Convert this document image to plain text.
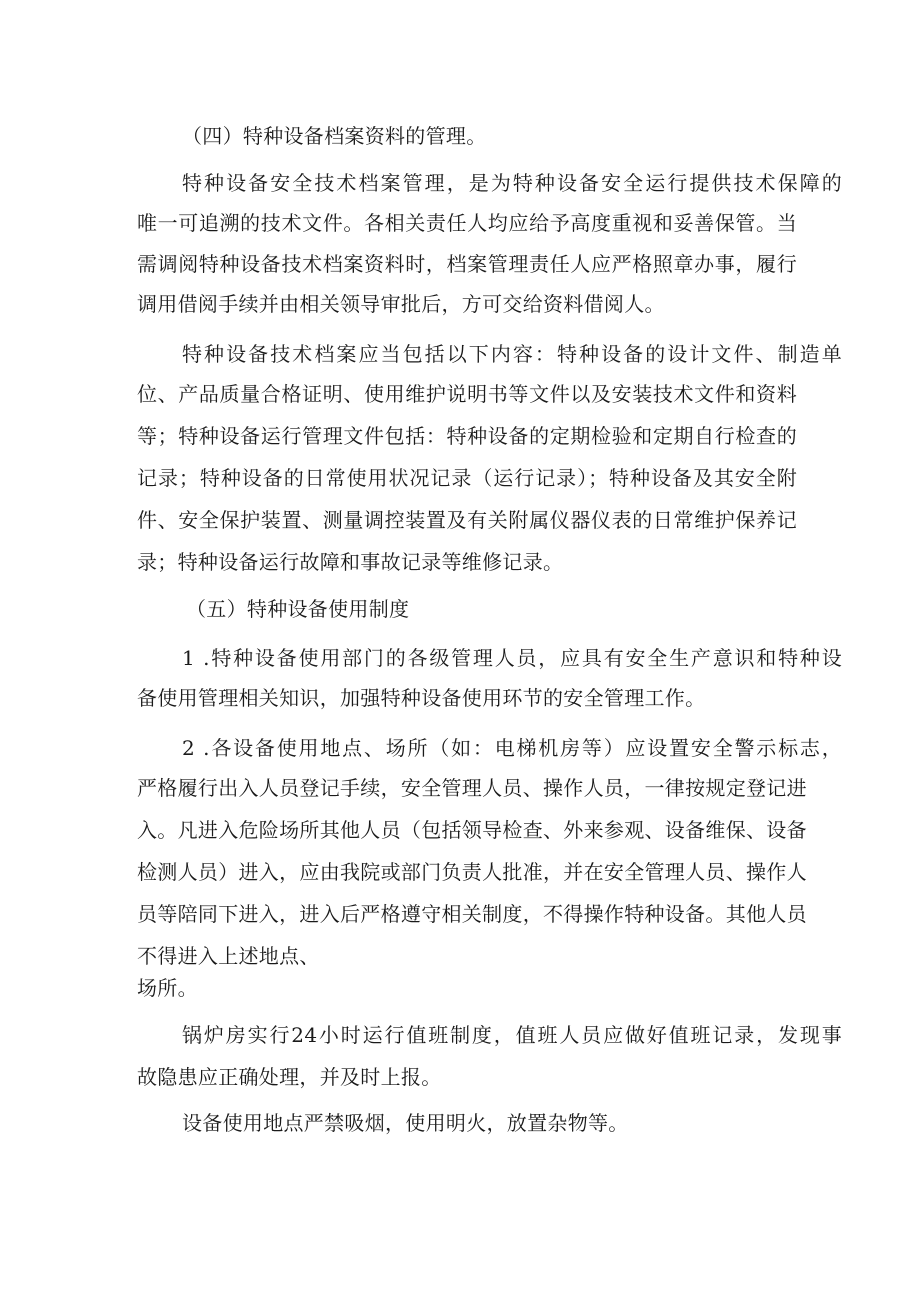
（四）特种设备档案资料的管理。
特种设备安全技术档案管理，是为特种设备安全运行提供技术保障的
唯一可追溯的技术文件。各相关责任人均应给予高度重视和妥善保管。当
需调阅特种设备技术档案资料时，档案管理责任人应严格照章办事，履行
调用借阅手续并由相关领导审批后，方可交给资料借阅人。
特种设备技术档案应当包括以下内容：特种设备的设计文件、制造单
位、产品质量合格证明、使用维护说明书等文件以及安装技术文件和资料
等；特种设备运行管理文件包括：特种设备的定期检验和定期自行检查的
记录；特种设备的日常使用状况记录（运行记录）；特种设备及其安全附
件、安全保护装置、测量调控装置及有关附属仪器仪表的日常维护保养记
录；特种设备运行故障和事故记录等维修记录。
（五）特种设备使用制度
1 .特种设备使用部门的各级管理人员，应具有安全生产意识和特种设
备使用管理相关知识，加强特种设备使用环节的安全管理工作。
2 .各设备使用地点、场所（如：电梯机房等）应设置安全警示标志，
严格履行出入人员登记手续，安全管理人员、操作人员，一律按规定登记进
入。凡进入危险场所其他人员（包括领导检查、外来参观、设备维保、设备
检测人员）进入，应由我院或部门负责人批准，并在安全管理人员、操作人
员等陪同下进入，进入后严格遵守相关制度，不得操作特种设备。其他人员
不得进入上述地点、
场所。
锅炉房实行24小时运行值班制度，值班人员应做好值班记录，发现事
故隐患应正确处理，并及时上报。
设备使用地点严禁吸烟，使用明火，放置杂物等。
